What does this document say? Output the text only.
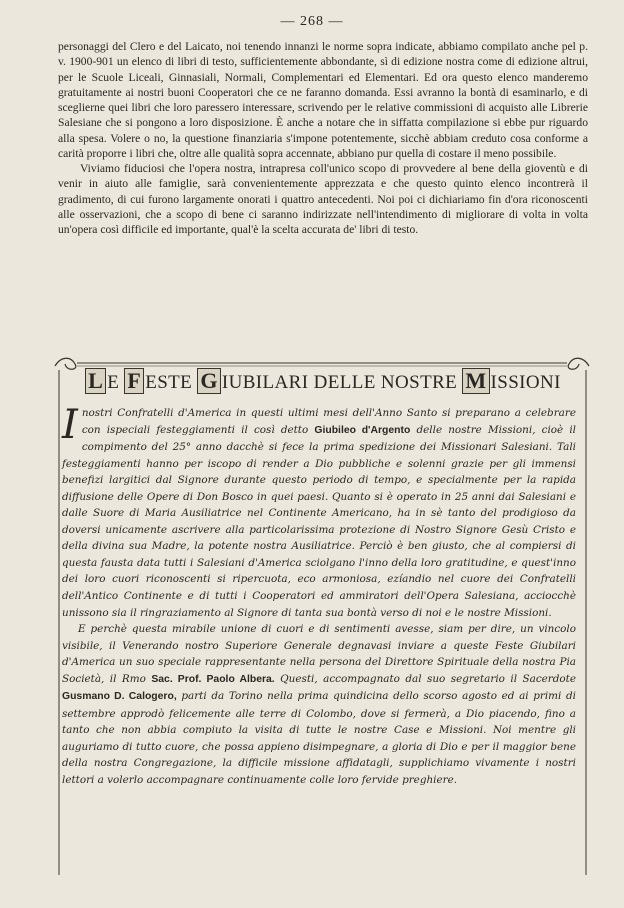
— 268 —

personaggi del Clero e del Laicato, noi tenendo innanzi le norme sopra indicate, abbiamo compilato anche pel p. v. 1900-901 un elenco di libri di testo, sufficientemente abbondante, sì di edizione nostra come di edizione altrui, per le Scuole Liceali, Ginnasiali, Normali, Complementari ed Elementari. Ed ora questo elenco manderemo gratuitamente ai nostri buoni Cooperatori che ce ne faranno domanda. Essi avranno la bontà di esaminarlo, e di sceglierne quei libri che loro paressero interessare, scrivendo per le relative commissioni di acquisto alle Librerie Salesiane che si pongono a loro disposizione. È anche a notare che in siffatta compilazione si ebbe pur riguardo alla spesa. Volere o no, la questione finanziaria s'impone potentemente, sicchè abbiam creduto cosa conforme a carità proporre i libri che, oltre alle qualità sopra accennate, abbiano pur quella di costare il meno possibile.

Viviamo fiduciosi che l'opera nostra, intrapresa coll'unico scopo di provvedere al bene della gioventù e di venir in aiuto alle famiglie, sarà convenientemente apprezzata e che questo quinto elenco incontrerà il gradimento, di cui furono largamente onorati i quattro antecedenti. Noi poi ci dichiariamo fin d'ora riconoscenti alle osservazioni, che a scopo di bene ci saranno indirizzate nell'intendimento di migliorare di volta in volta un'opera così difficile ed importante, qual'è la scelta accurata de' libri di testo.

L E F ESTE G IUBILARI DELLE NOSTRE M ISSIONI

I nostri Confratelli d'America in questi ultimi mesi dell'Anno Santo si preparano a celebrare con ispeciali festeggiamenti il così detto Giubileo d'Argento delle nostre Missioni, cioè il compimento del 25° anno dacchè si fece la prima spedizione dei Missionari Salesiani. Tali festeggiamenti hanno per iscopo di render a Dio pubbliche e solenni grazie per gli immensi benefizi largitici dal Signore durante questo periodo di tempo, e specialmente per la rapida diffusione delle Opere di Don Bosco in quei paesi. Quanto si è operato in 25 anni dai Salesiani e dalle Suore di Maria Ausiliatrice nel Continente Americano, ha in sè tanto del prodigioso da doversi unicamente ascrivere alla particolarissima protezione di Nostro Signore Gesù Cristo e della divina sua Madre, la potente nostra Ausiliatrice. Perciò è ben giusto, che al compiersi di questa fausta data tutti i Salesiani d'America sciolgano l'inno della loro gratitudine, e quest'inno dei loro cuori riconoscenti si ripercuota, eco armoniosa, ezíandio nel cuore dei Confratelli dell'Antico Continente e di tutti i Cooperatori ed ammiratori dell'Opera Salesiana, acciocchè unissono sia il ringraziamento al Signore di tanta sua bontà verso di noi e le nostre Missioni.

E perchè questa mirabile unione di cuori e di sentimenti avesse, siam per dire, un vincolo visibile, il Venerando nostro Superiore Generale degnavasi inviare a queste Feste Giubilari d'America un suo speciale rappresentante nella persona del Direttore Spirituale della nostra Pia Società, il Rmo Sac. Prof. Paolo Albera. Questi, accompagnato dal suo segretario il Sacerdote Gusmano D. Calogero, parti da Torino nella prima quindicina dello scorso agosto ed ai primi di settembre approdò felicemente alle terre di Colombo, dove si fermerà, a Dio piacendo, fino a tanto che non abbia compiuto la visita di tutte le nostre Case e Missioni. Noi mentre gli auguriamo di tutto cuore, che possa appieno disimpegnare, a gloria di Dio e per il maggior bene della nostra Congregazione, la difficile missione affidatagli, supplichiamo vivamente i nostri lettori a volerlo accompagnare continuamente colle loro fervide preghiere.
